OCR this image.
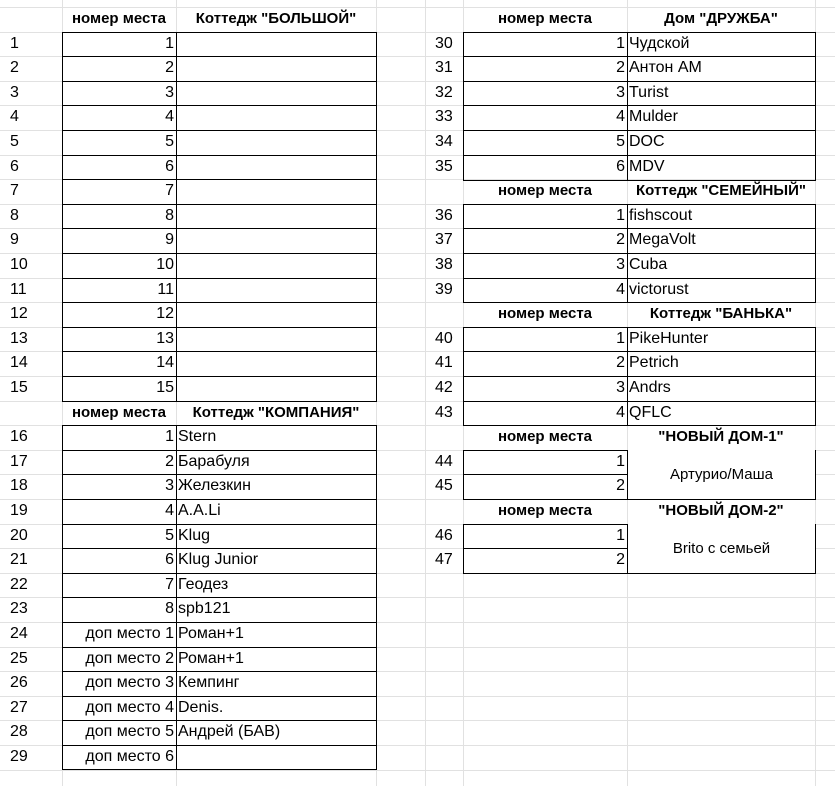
номер места	Коттедж "БОЛЬШОЙ"
1	1
2	2
3	3
4	4
5	5
6	6
7	7
8	8
9	9
10	10
11	11
12	12
13	13
14	14
15	15
номер места	Коттедж "КОМПАНИЯ"
16	1 Stern
17	2 Барабуля
18	3 Железкин
19	4 A.A.Li
20	5 Klug
21	6 Klug Junior
22	7 Геодез
23	8 spb121
24	доп место 1 Роман+1
25	доп место 2 Роман+1
26	доп место 3 Кемпинг
27	доп место 4 Denis.
28	доп место 5 Андрей (БАВ)
29	доп место 6
номер места	Дом "ДРУЖБА"
30	1 Чудской
31	2 Антон АМ
32	3 Turist
33	4 Mulder
34	5 DOC
35	6 MDV
номер места	Коттедж "СЕМЕЙНЫЙ"
36	1 fishscout
37	2 MegaVolt
38	3 Cuba
39	4 victorust
номер места	Коттедж "БАНЬКА"
40	1 PikeHunter
41	2 Petrich
42	3 Andrs
43	4 QFLC
номер места	"НОВЫЙ ДОМ-1"
44	1
45	2
Артурио/Маша
номер места	"НОВЫЙ ДОМ-2"
46	1
47	2
Brito с семьей
